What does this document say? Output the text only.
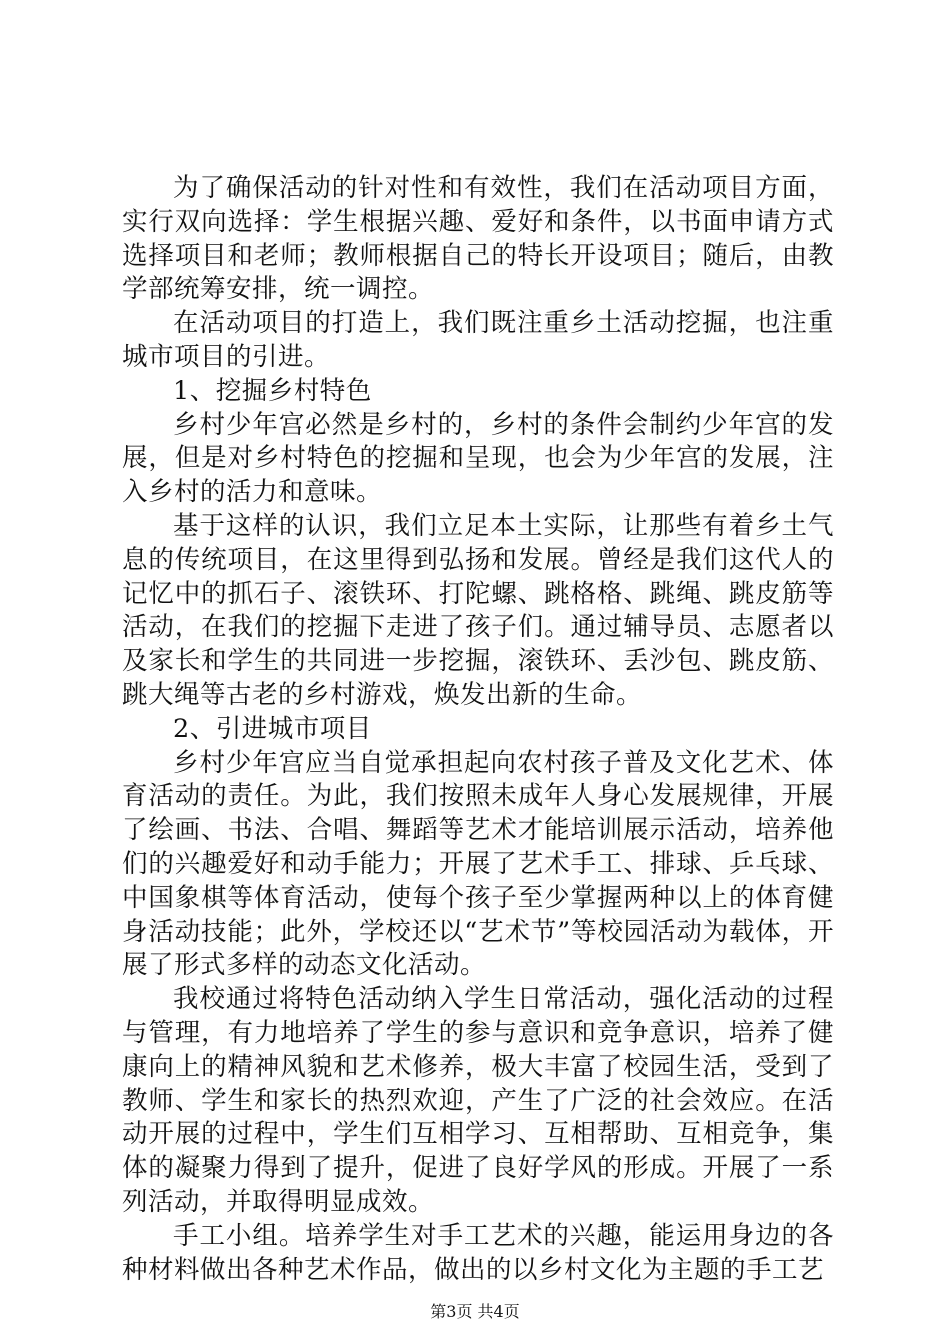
为了确保活动的针对性和有效性，我们在活动项目方面，实行双向选择：学生根据兴趣、爱好和条件，以书面申请方式选择项目和老师；教师根据自己的特长开设项目；随后，由教学部统筹安排，统一调控。

在活动项目的打造上，我们既注重乡土活动挖掘，也注重城市项目的引进。

1、挖掘乡村特色

乡村少年宫必然是乡村的，乡村的条件会制约少年宫的发展，但是对乡村特色的挖掘和呈现，也会为少年宫的发展，注入乡村的活力和意味。

基于这样的认识，我们立足本土实际，让那些有着乡土气息的传统项目，在这里得到弘扬和发展。曾经是我们这代人的记忆中的抓石子、滚铁环、打陀螺、跳格格、跳绳、跳皮筋等活动，在我们的挖掘下走进了孩子们。通过辅导员、志愿者以及家长和学生的共同进一步挖掘，滚铁环、丢沙包、跳皮筋、跳大绳等古老的乡村游戏，焕发出新的生命。

2、引进城市项目

乡村少年宫应当自觉承担起向农村孩子普及文化艺术、体育活动的责任。为此，我们按照未成年人身心发展规律，开展了绘画、书法、合唱、舞蹈等艺术才能培训展示活动，培养他们的兴趣爱好和动手能力；开展了艺术手工、排球、乒乓球、中国象棋等体育活动，使每个孩子至少掌握两种以上的体育健身活动技能；此外，学校还以“艺术节”等校园活动为载体，开展了形式多样的动态文化活动。

我校通过将特色活动纳入学生日常活动，强化活动的过程与管理，有力地培养了学生的参与意识和竞争意识，培养了健康向上的精神风貌和艺术修养，极大丰富了校园生活，受到了教师、学生和家长的热烈欢迎，产生了广泛的社会效应。在活动开展的过程中，学生们互相学习、互相帮助、互相竞争，集体的凝聚力得到了提升，促进了良好学风的形成。开展了一系列活动，并取得明显成效。

手工小组。培养学生对手工艺术的兴趣，能运用身边的各种材料做出各种艺术作品，做出的以乡村文化为主题的手工艺

第3页 共4页
